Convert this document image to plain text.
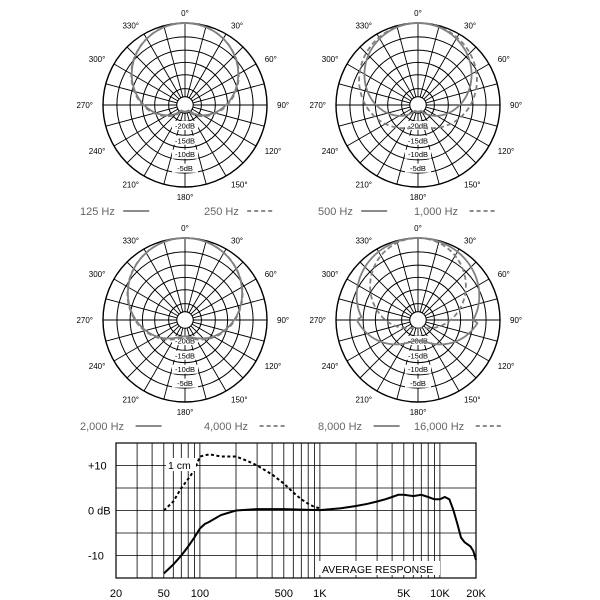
0°
30°
60°
90°
120°
150°
180°
210°
240°
270°
300°
330°
-20dB
-15dB
-10dB
-5dB
0°
30°
60°
90°
120°
150°
180°
210°
240°
270°
300°
330°
-20dB
-15dB
-10dB
-5dB
0°
30°
60°
90°
120°
150°
180°
210°
240°
270°
300°
330°
-20dB
-15dB
-10dB
-5dB
0°
30°
60°
90°
120°
150°
180°
210°
240°
270°
300°
330°
-20dB
-15dB
-10dB
-5dB
125 Hz	250 Hz	500 Hz	1,000 Hz
2,000 Hz	4,000 Hz	8,000 Hz	16,000 Hz
+10
0 dB
-10
20	50 100	500 1K	5K 10K 20K
AVERAGE RESPONSE
1 cm
